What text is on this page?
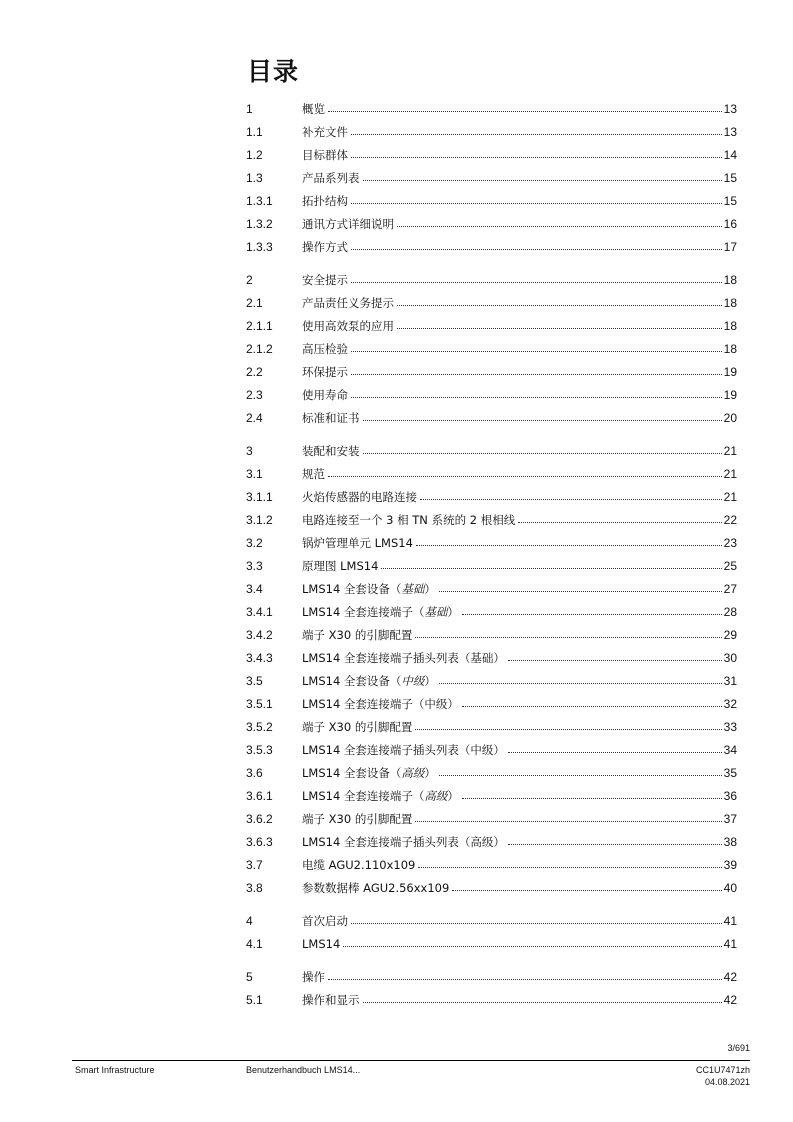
目录
1	概览	13
1.1	补充文件	13
1.2	目标群体	14
1.3	产品系列表	15
1.3.1	拓扑结构	15
1.3.2	通讯方式详细说明	16
1.3.3	操作方式	17
2	安全提示	18
2.1	产品责任义务提示	18
2.1.1	使用高效泵的应用	18
2.1.2	高压检验	18
2.2	环保提示	19
2.3	使用寿命	19
2.4	标准和证书	20
3	装配和安装	21
3.1	规范	21
3.1.1	火焰传感器的电路连接	21
3.1.2	电路连接至一个 3 相 TN 系统的 2 根相线	22
3.2	锅炉管理单元 LMS14	23
3.3	原理图 LMS14	25
3.4	LMS14 全套设备（基础）	27
3.4.1	LMS14 全套连接端子（基础）	28
3.4.2	端子 X30 的引脚配置	29
3.4.3	LMS14 全套连接端子插头列表（基础）	30
3.5	LMS14 全套设备（中级）	31
3.5.1	LMS14 全套连接端子（中级）	32
3.5.2	端子 X30 的引脚配置	33
3.5.3	LMS14 全套连接端子插头列表（中级）	34
3.6	LMS14 全套设备（高级）	35
3.6.1	LMS14 全套连接端子（高级）	36
3.6.2	端子 X30 的引脚配置	37
3.6.3	LMS14 全套连接端子插头列表（高级）	38
3.7	电缆 AGU2.110x109	39
3.8	参数数据棒 AGU2.56xx109	40
4	首次启动	41
4.1	LMS14	41
5	操作	42
5.1	操作和显示	42
3/691
Smart Infrastructure	Benutzerhandbuch LMS14...	CC1U7471zh
04.08.2021
